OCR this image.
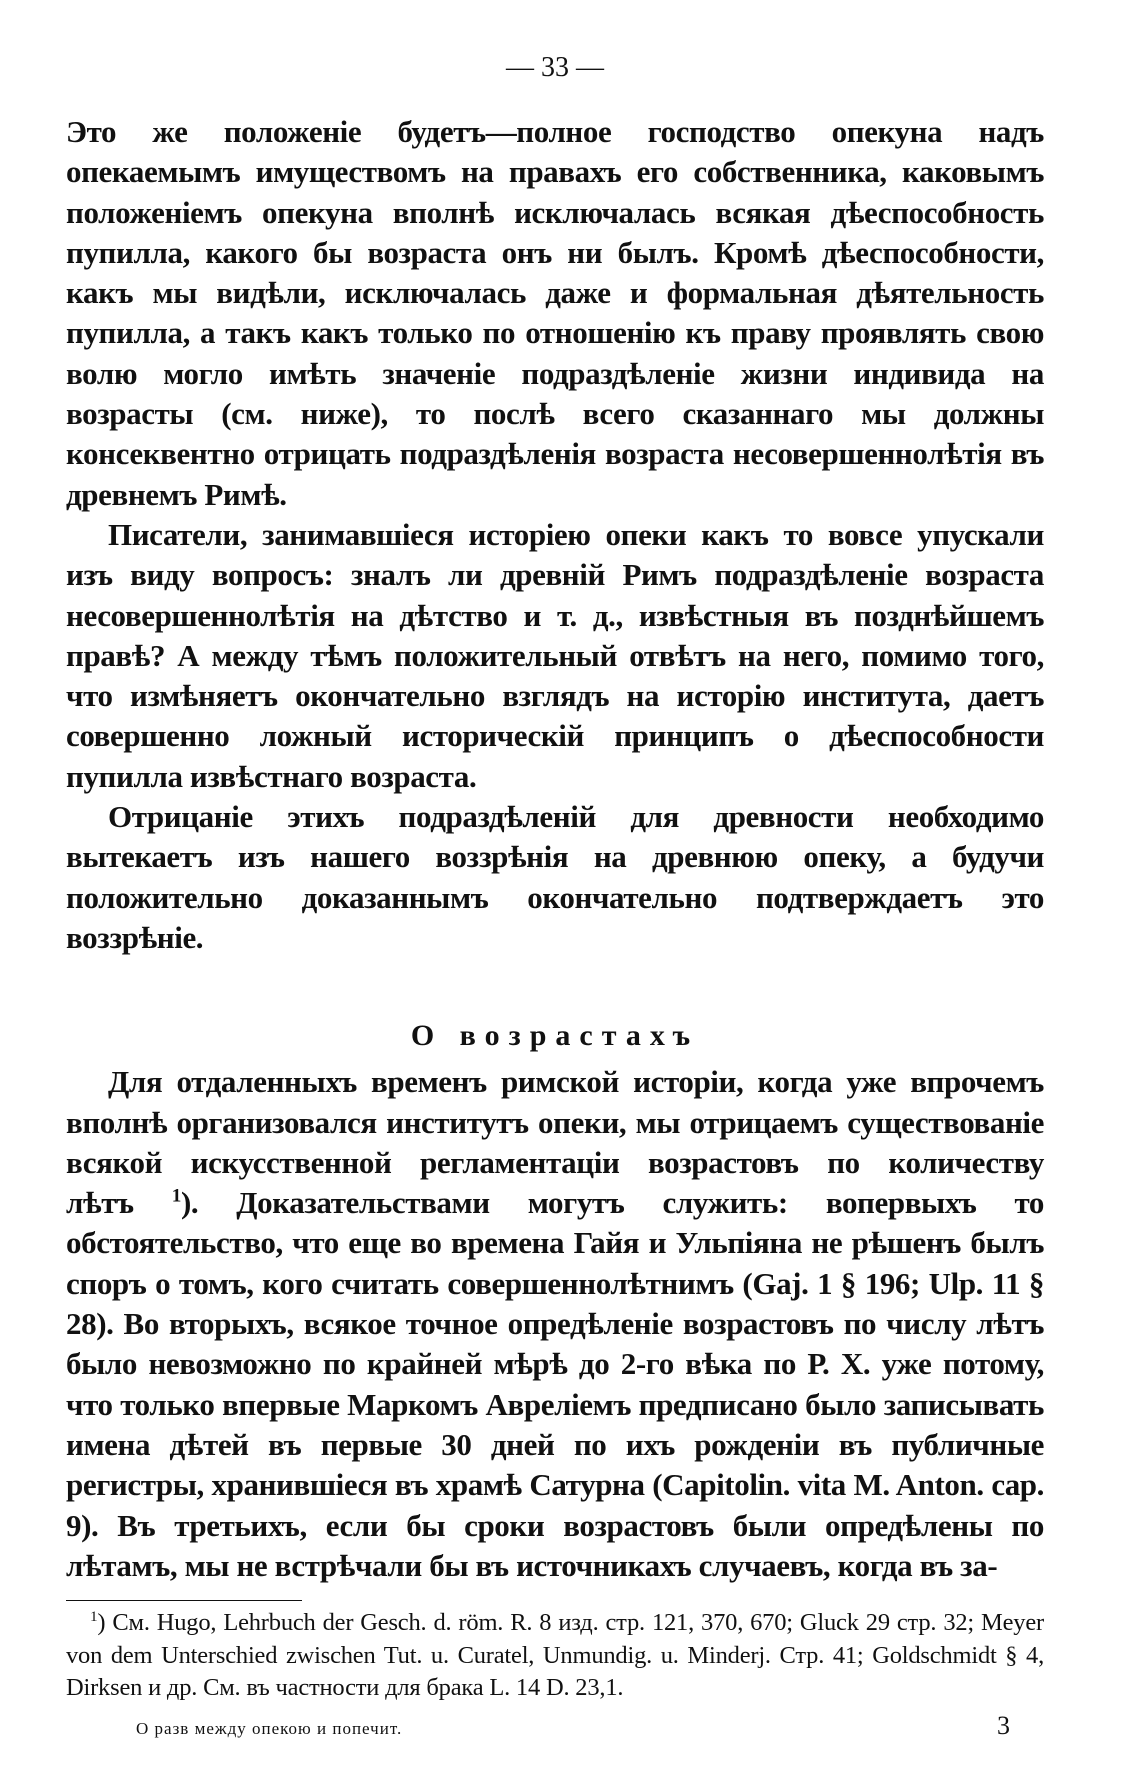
— 33 —

Это же положеніе будетъ—полное господство опекуна надъ опекаемымъ имуществомъ на правахъ его собственника, каковымъ положеніемъ опекуна вполнѣ исключалась всякая дѣеспособность пупилла, какого бы возраста онъ ни былъ. Кромѣ дѣеспособности, какъ мы видѣли, исключалась даже и формальная дѣятельность пупилла, а такъ какъ только по отношенію къ праву проявлять свою волю могло имѣть значеніе подраздѣленіе жизни индивида на возрасты (см. ниже), то послѣ всего сказаннаго мы должны консеквентно отрицать подраздѣленія возраста несовершеннолѣтія въ древнемъ Римѣ.

Писатели, занимавшіеся исторіею опеки какъ то вовсе упускали изъ виду вопросъ: зналъ ли древній Римъ подраздѣленіе возраста несовершеннолѣтія на дѣтство и т. д., извѣстныя въ позднѣйшемъ правѣ? А между тѣмъ положительный отвѣтъ на него, помимо того, что измѣняетъ окончательно взглядъ на исторію института, даетъ совершенно ложный историческій принципъ о дѣеспособности пупилла извѣстнаго возраста.

Отрицаніе этихъ подраздѣленій для древности необходимо вытекаетъ изъ нашего воззрѣнія на древнюю опеку, а будучи положительно доказаннымъ окончательно подтверждаетъ это воззрѣніе.

О возрастахъ

Для отдаленныхъ временъ римской исторіи, когда уже впрочемъ вполнѣ организовался институтъ опеки, мы отрицаемъ существованіе всякой искусственной регламентаціи возрастовъ по количеству лѣтъ $^1$). Доказательствами могутъ служить: вопервыхъ то обстоятельство, что еще во времена Гайя и Ульпіяна не рѣшенъ былъ споръ о томъ, кого считать совершеннолѣтнимъ (Gaj. 1 § 196; Ulp. 11 § 28). Во вторыхъ, всякое точное опредѣленіе возрастовъ по числу лѣтъ было невозможно по крайней мѣрѣ до 2-го вѣка по Р. X. уже потому, что только впервые Маркомъ Авреліемъ предписано было записывать имена дѣтей въ первые 30 дней по ихъ рожденіи въ публичные регистры, хранившіеся въ храмѣ Сатурна (Capitolin. vita M. Anton. cap. 9). Въ третьихъ, если бы сроки возрастовъ были опредѣлены по лѣтамъ, мы не встрѣчали бы въ источникахъ случаевъ, когда въ за-

$^1$) См. Hugo, Lehrbuch der Gesch. d. röm. R. 8 изд. стр. 121, 370, 670; Gluck 29 стр. 32; Meyer von dem Unterschied zwischen Tut. u. Curatel, Unmundig. u. Minderj. Стр. 41; Goldschmidt § 4, Dirksen и др. См. въ частности для брака L. 14 D. 23,1.

О разв между опекою и попечит.	3
